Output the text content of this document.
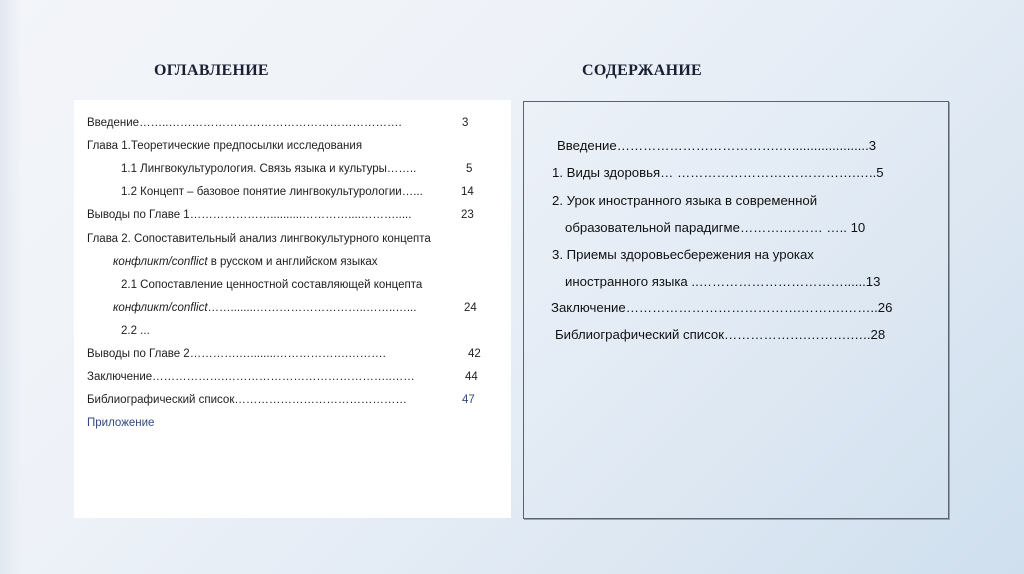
ОГЛАВЛЕНИЕ	СОДЕРЖАНИЕ
Введение……..…………………………………………………….	3
Глава 1.Теоретические предпосылки исследования
1.1 Лингвокультурология. Связь языка и культуры……..	5
1.2 Концепт – базовое понятие лингвокультурологии…...	14
Выводы по Главе 1…………………..........…………....……….....	23
Глава 2. Сопоставительный анализ лингвокультурного концепта
конфликт/conflict в русском и английском языках
2.1 Сопоставление ценностной составляющей концепта
конфликт/conflict……........………………………..……..…...	24
2.2 ...
Выводы по Главе 2………….…........……………….……….	42
Заключение……………….……………………………………..……	44
Библиографический список………………………………………	47
Приложение
Введение……………………………….….....................3
1. Виды здоровья… …………………….…………….…..5
2. Урок иностранного языка в современной
образовательной парадигме……….……… ….. 10
3. Приемы здоровьесбережения на уроках
иностранного языка ..……………………………......13
Заключение………………………………….……….……..26
Библиографический список……………….……….…..28
